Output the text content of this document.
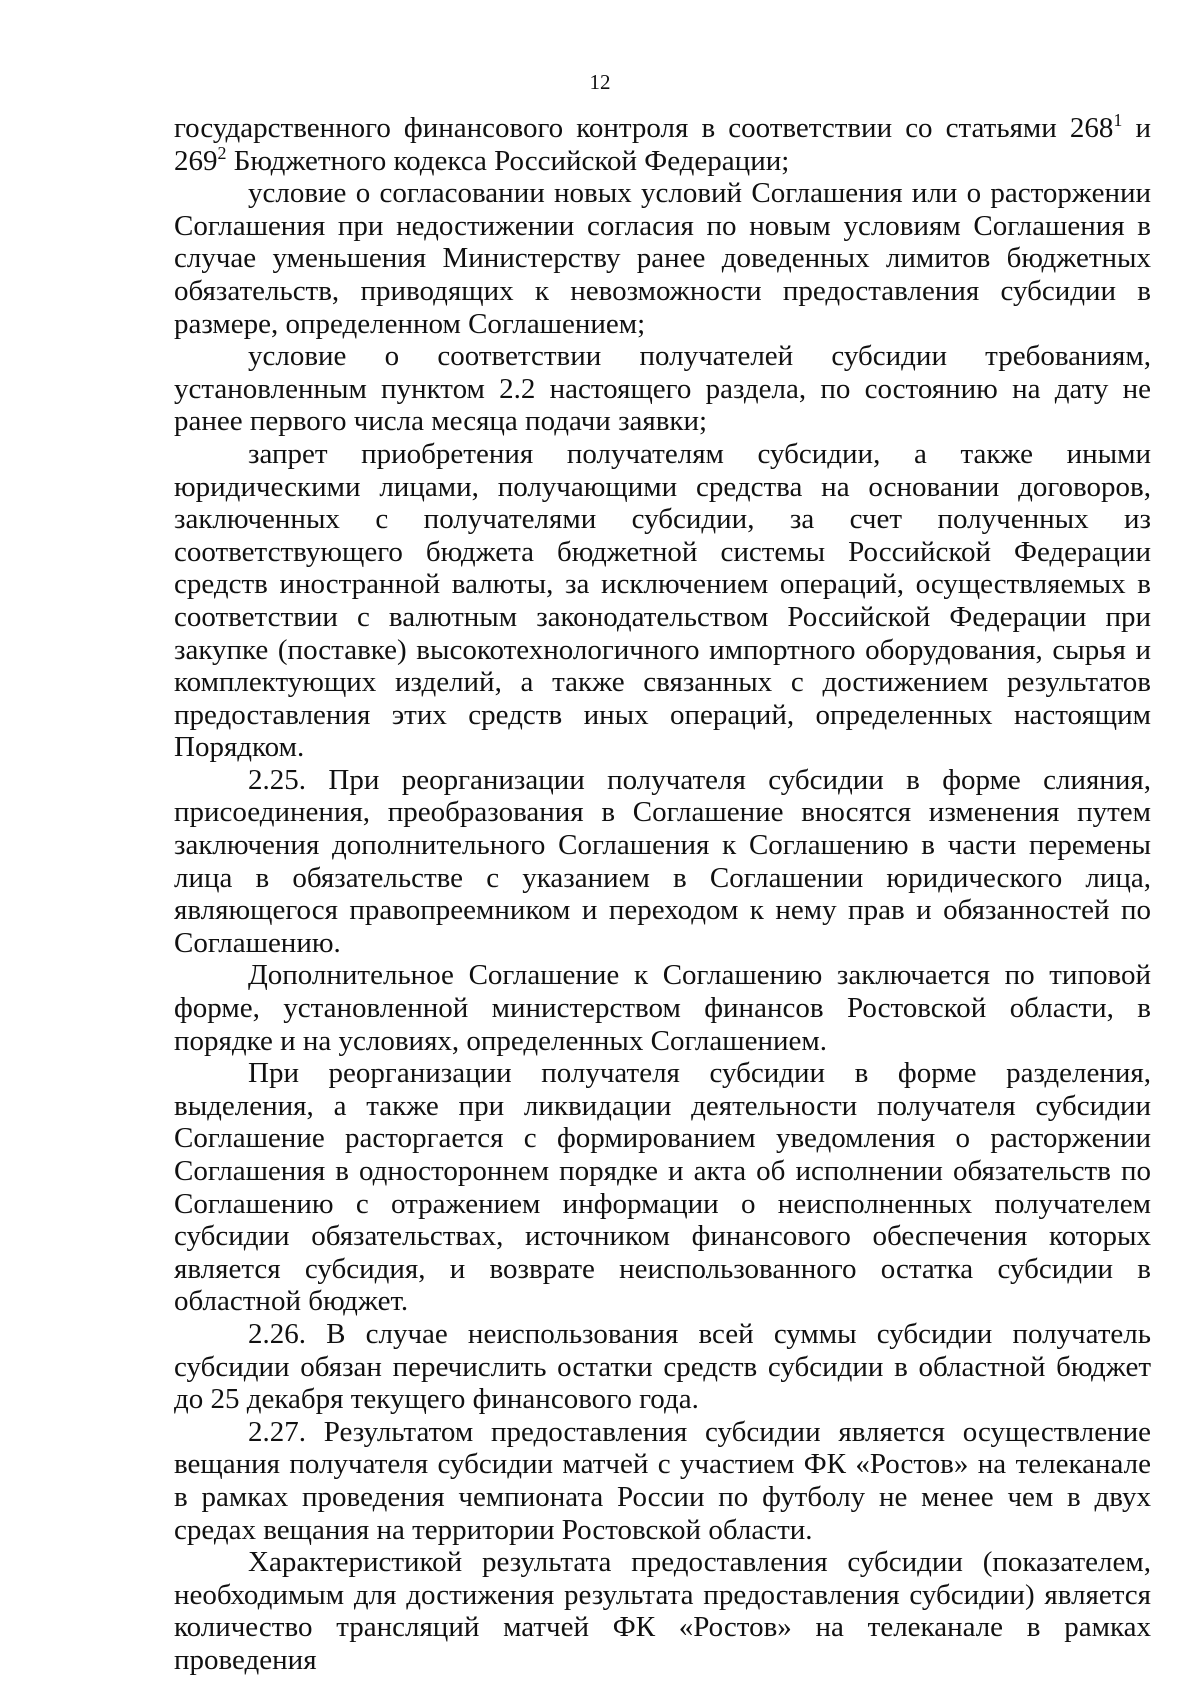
12

государственного финансового контроля в соответствии со статьями $268^1$ и $269^2$ Бюджетного кодекса Российской Федерации;

условие о согласовании новых условий Соглашения или о расторжении Соглашения при недостижении согласия по новым условиям Соглашения в случае уменьшения Министерству ранее доведенных лимитов бюджетных обязательств, приводящих к невозможности предоставления субсидии в размере, определенном Соглашением;

условие о соответствии получателей субсидии требованиям, установленным пунктом 2.2 настоящего раздела, по состоянию на дату не ранее первого числа месяца подачи заявки;

запрет приобретения получателям субсидии, а также иными юридическими лицами, получающими средства на основании договоров, заключенных с получателями субсидии, за счет полученных из соответствующего бюджета бюджетной системы Российской Федерации средств иностранной валюты, за исключением операций, осуществляемых в соответствии с валютным законодательством Российской Федерации при закупке (поставке) высокотехнологичного импортного оборудования, сырья и комплектующих изделий, а также связанных с достижением результатов предоставления этих средств иных операций, определенных настоящим Порядком.

2.25. При реорганизации получателя субсидии в форме слияния, присоединения, преобразования в Соглашение вносятся изменения путем заключения дополнительного Соглашения к Соглашению в части перемены лица в обязательстве с указанием в Соглашении юридического лица, являющегося правопреемником и переходом к нему прав и обязанностей по Соглашению.

Дополнительное Соглашение к Соглашению заключается по типовой форме, установленной министерством финансов Ростовской области, в порядке и на условиях, определенных Соглашением.

При реорганизации получателя субсидии в форме разделения, выделения, а также при ликвидации деятельности получателя субсидии Соглашение расторгается с формированием уведомления о расторжении Соглашения в одностороннем порядке и акта об исполнении обязательств по Соглашению с отражением информации о неисполненных получателем субсидии обязательствах, источником финансового обеспечения которых является субсидия, и возврате неиспользованного остатка субсидии в областной бюджет.

2.26. В случае неиспользования всей суммы субсидии получатель субсидии обязан перечислить остатки средств субсидии в областной бюджет до 25 декабря текущего финансового года.

2.27. Результатом предоставления субсидии является осуществление вещания получателя субсидии матчей с участием ФК «Ростов» на телеканале в рамках проведения чемпионата России по футболу не менее чем в двух средах вещания на территории Ростовской области.

Характеристикой результата предоставления субсидии (показателем, необходимым для достижения результата предоставления субсидии) является количество трансляций матчей ФК «Ростов» на телеканале в рамках проведения
